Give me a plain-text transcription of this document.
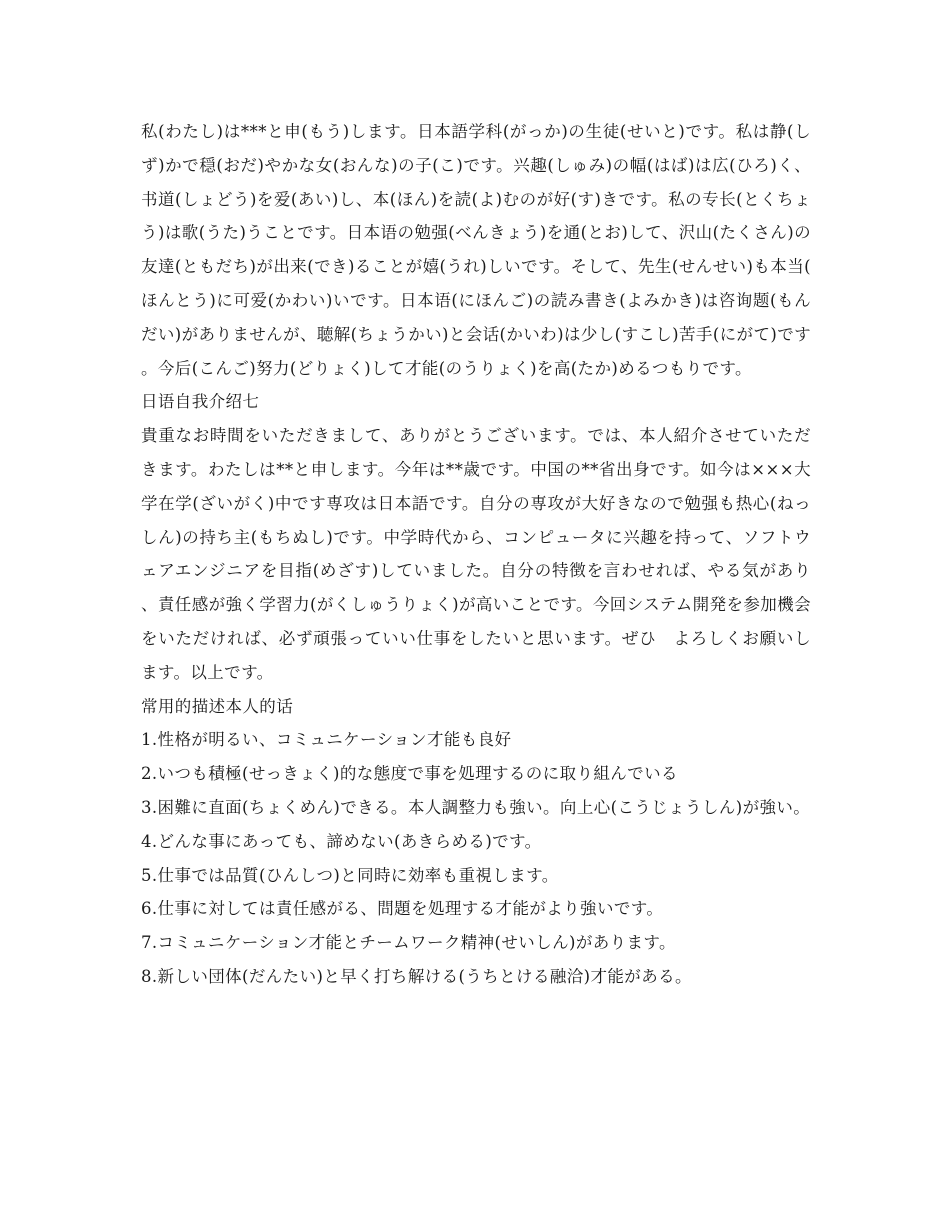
私(わたし)は***と申(もう)します。日本語学科(がっか)の生徒(せいと)です。私は静(しず)かで穏(おだ)やかな女(おんな)の子(こ)です。兴趣(しゅみ)の幅(はば)は広(ひろ)く、书道(しょどう)を爱(あい)し、本(ほん)を読(よ)むのが好(す)きです。私の专长(とくちょう)は歌(うた)うことです。日本语の勉强(べんきょう)を通(とお)して、沢山(たくさん)の友達(ともだち)が出来(でき)ることが嬉(うれ)しいです。そして、先生(せんせい)も本当(ほんとう)に可爱(かわい)いです。日本语(にほんご)の読み書き(よみかき)は咨询题(もんだい)がありませんが、聴解(ちょうかい)と会话(かいわ)は少し(すこし)苦手(にがて)です。今后(こんご)努力(どりょく)して才能(のうりょく)を高(たか)めるつもりです。

日语自我介绍七

貴重なお時間をいただきまして、ありがとうございます。では、本人紹介させていただきます。わたしは**と申します。今年は**歳です。中国の**省出身です。如今は×××大学在学(ざいがく)中です専攻は日本語です。自分の専攻が大好きなので勉强も热心(ねっしん)の持ち主(もちぬし)です。中学時代から、コンピュータに兴趣を持って、ソフトウェアエンジニアを目指(めざす)していました。自分の特徴を言わせれば、やる気があり、責任感が強く学習力(がくしゅうりょく)が高いことです。今回システム開発を参加機会をいただければ、必ず頑張っていい仕事をしたいと思います。ぜひ　よろしくお願いします。以上です。

常用的描述本人的话

1.性格が明るい、コミュニケーション才能も良好
2.いつも積極(せっきょく)的な態度で事を処理するのに取り組んでいる
3.困難に直面(ちょくめん)できる。本人調整力も強い。向上心(こうじょうしん)が強い。
4.どんな事にあっても、諦めない(あきらめる)です。
5.仕事では品質(ひんしつ)と同時に効率も重視します。
6.仕事に対しては責任感がる、問題を処理する才能がより強いです。
7.コミュニケーション才能とチームワーク精神(せいしん)があります。
8.新しい団体(だんたい)と早く打ち解ける(うちとける融洽)才能がある。
